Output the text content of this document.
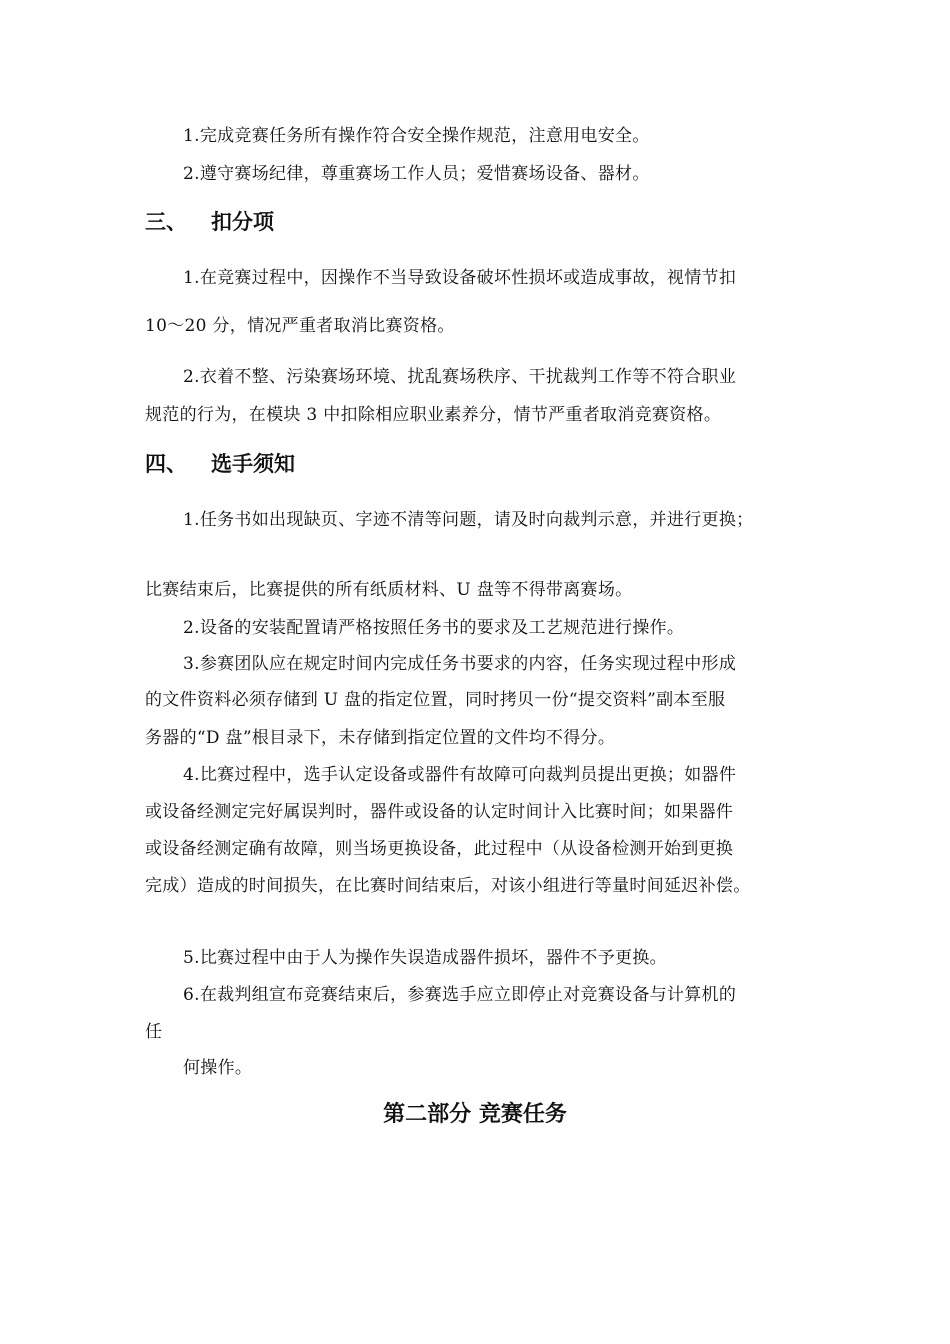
1.完成竞赛任务所有操作符合安全操作规范，注意用电安全。
2.遵守赛场纪律，尊重赛场工作人员；爱惜赛场设备、器材。
三、 扣分项
1.在竞赛过程中，因操作不当导致设备破坏性损坏或造成事故，视情节扣
10〜20 分，情况严重者取消比赛资格。
2.衣着不整、污染赛场环境、扰乱赛场秩序、干扰裁判工作等不符合职业
规范的行为，在模块 3 中扣除相应职业素养分，情节严重者取消竞赛资格。
四、 选手须知
1.任务书如出现缺页、字迹不清等问题，请及时向裁判示意，并进行更换；
比赛结束后，比赛提供的所有纸质材料、U 盘等不得带离赛场。
2.设备的安装配置请严格按照任务书的要求及工艺规范进行操作。
3.参赛团队应在规定时间内完成任务书要求的内容，任务实现过程中形成
的文件资料必须存储到 U 盘的指定位置，同时拷贝一份“提交资料”副本至服
务器的“D 盘”根目录下，未存储到指定位置的文件均不得分。
4.比赛过程中，选手认定设备或器件有故障可向裁判员提出更换；如器件
或设备经测定完好属误判时，器件或设备的认定时间计入比赛时间；如果器件
或设备经测定确有故障，则当场更换设备，此过程中（从设备检测开始到更换
完成）造成的时间损失，在比赛时间结束后，对该小组进行等量时间延迟补偿。
5.比赛过程中由于人为操作失误造成器件损坏，器件不予更换。
6.在裁判组宣布竞赛结束后，参赛选手应立即停止对竞赛设备与计算机的
任
何操作。
第二部分 竞赛任务
